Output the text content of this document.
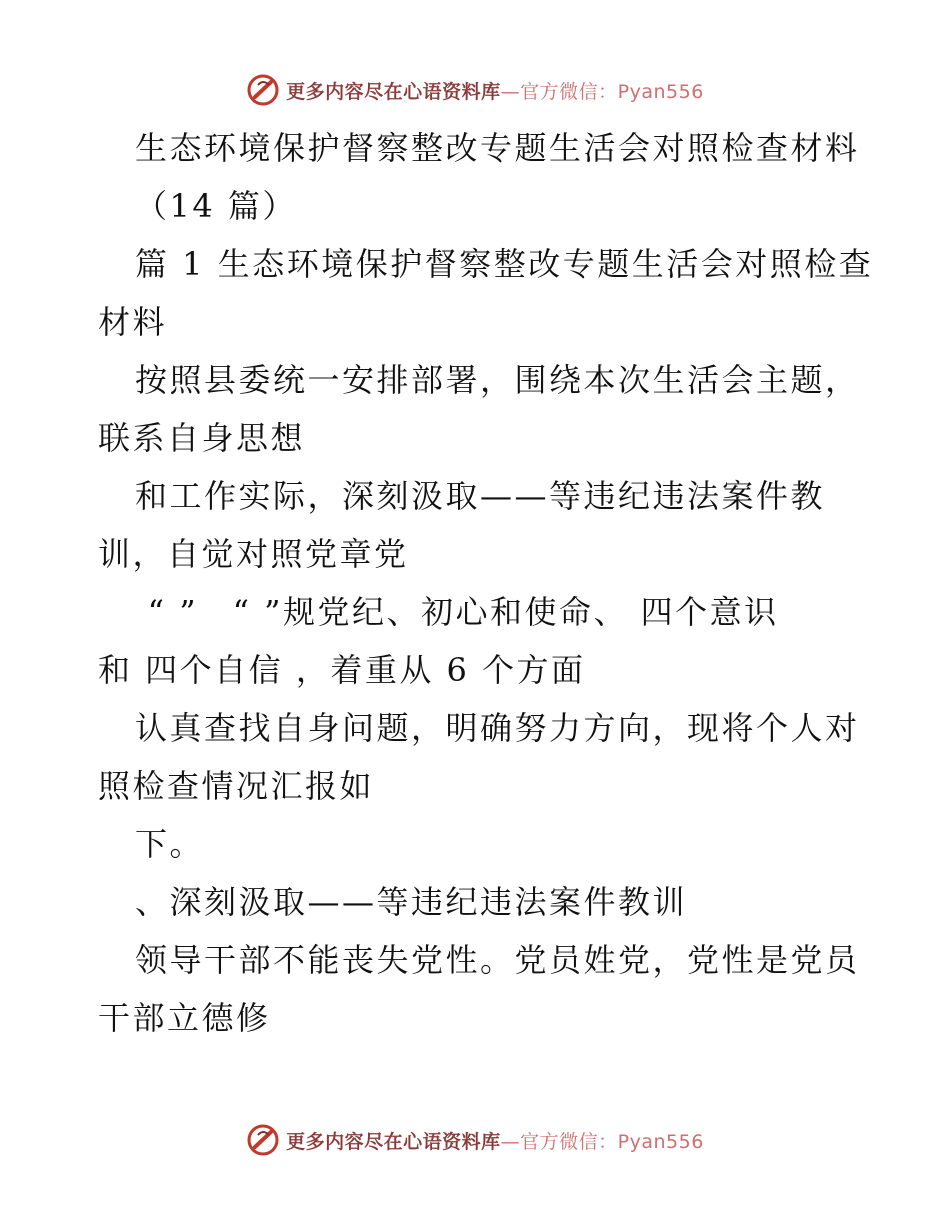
更多内容尽在心语资料库 —官方微信：Pyan556
生态环境保护督察整改专题生活会对照检查材料
（14 篇）
篇 1 生态环境保护督察整改专题生活会对照检查
材料
按照县委统一安排部署，围绕本次生活会主题，
联系自身思想
和工作实际，深刻汲取——等违纪违法案件教
训，自觉对照党章党
“ ”　“ ”规党纪、初心和使命、 四个意识
和 四个自信 ，着重从 6 个方面
认真查找自身问题，明确努力方向，现将个人对
照检查情况汇报如
下。
、深刻汲取——等违纪违法案件教训
领导干部不能丧失党性。党员姓党，党性是党员
干部立德修
更多内容尽在心语资料库 —官方微信：Pyan556
